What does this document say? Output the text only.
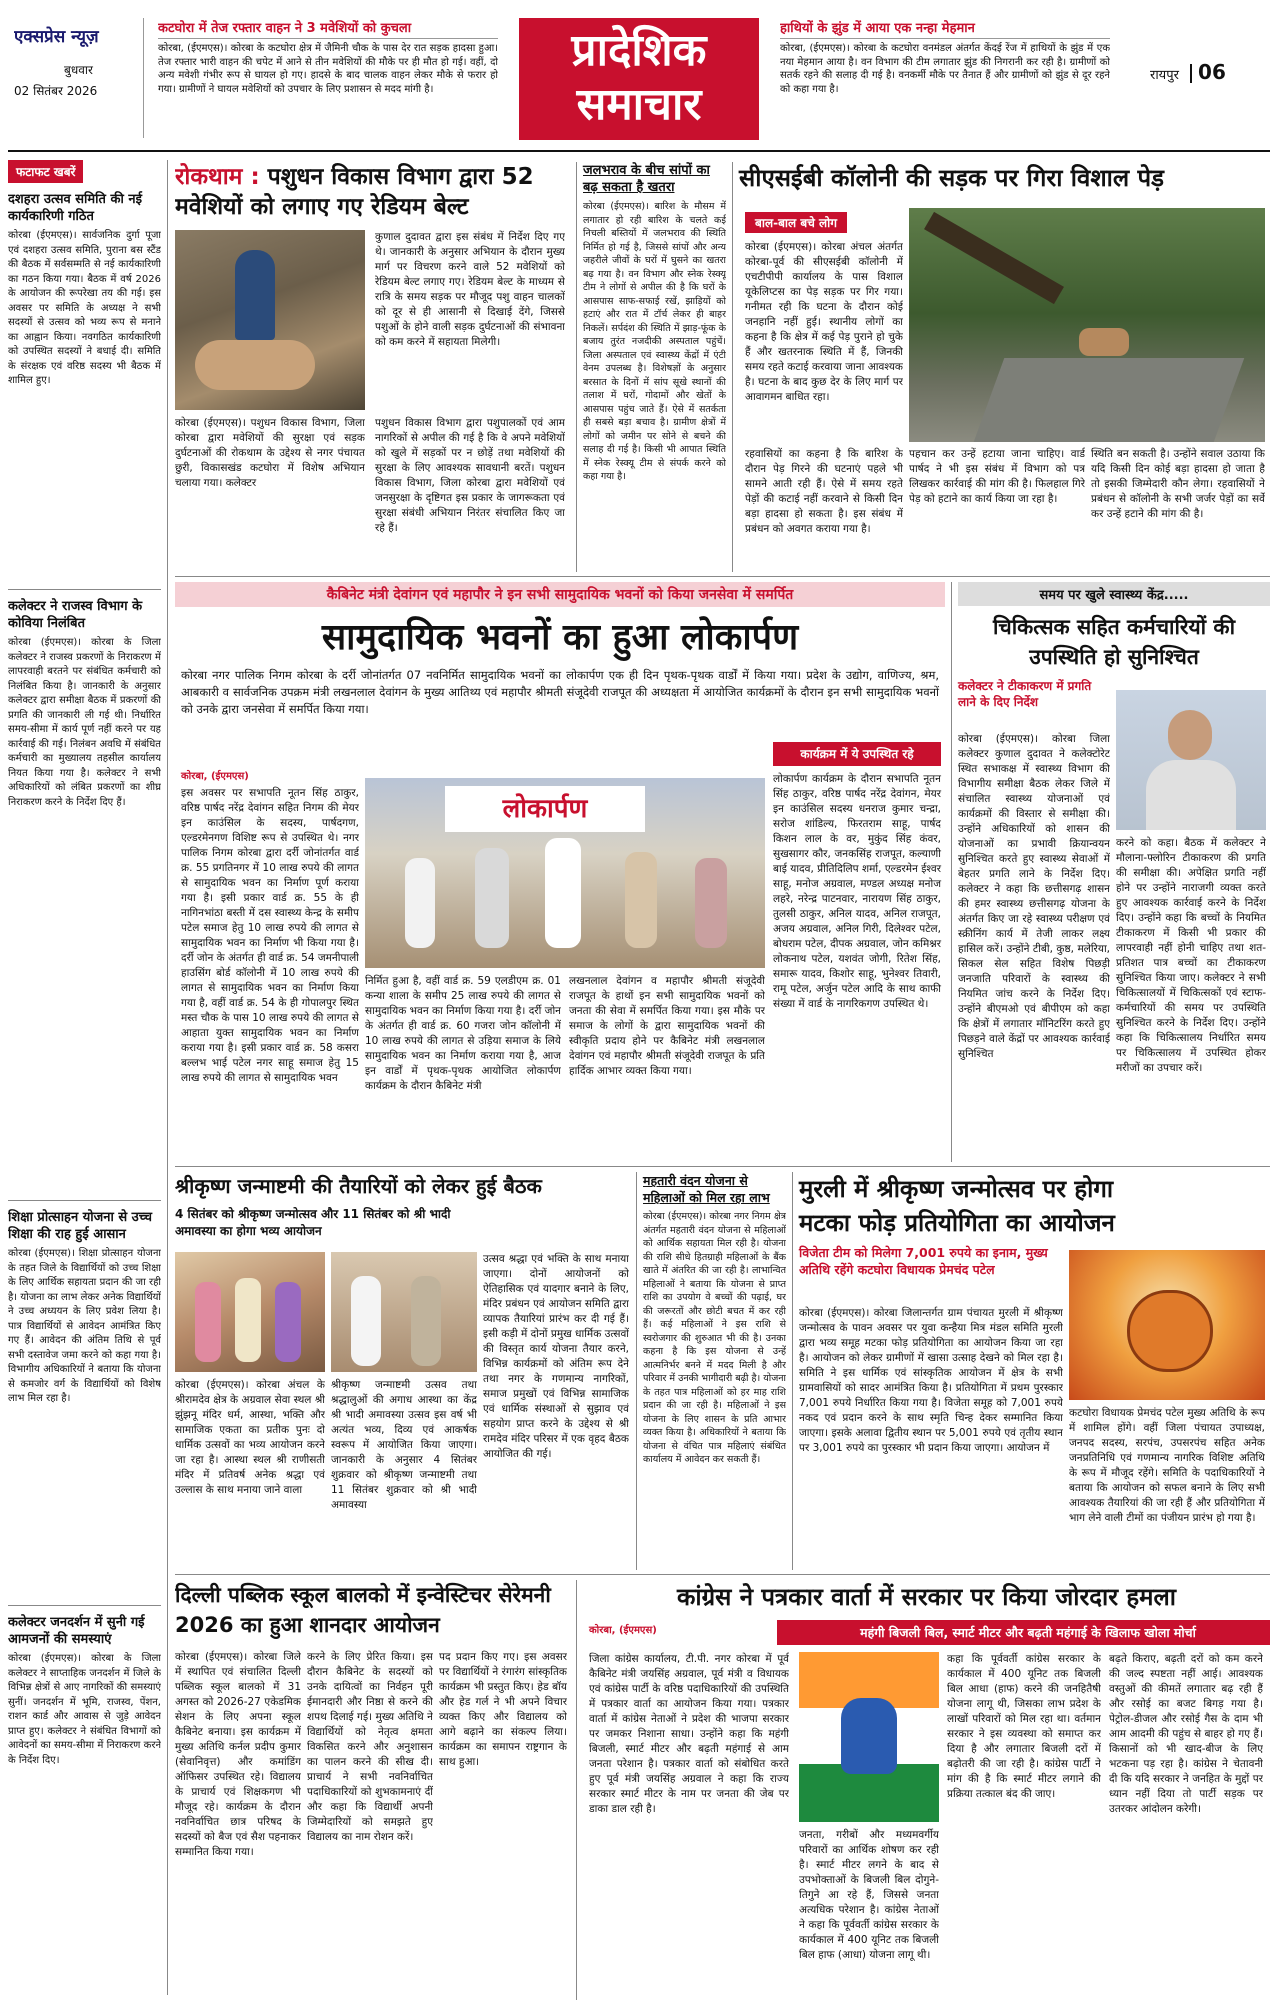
एक्सप्रेस न्यूज़
बुधवार
02 सितंबर 2026
कटघोरा में तेज रफ्तार वाहन ने 3 मवेशियों को कुचला
कोरबा, (ईएमएस)। कोरबा के कटघोरा क्षेत्र में जैमिनी चौक के पास देर रात सड़क हादसा हुआ। तेज रफ्तार भारी वाहन की चपेट में आने से तीन मवेशियों की मौके पर ही मौत हो गई। वहीं, दो अन्य मवेशी गंभीर रूप से घायल हो गए। हादसे के बाद चालक वाहन लेकर मौके से फरार हो गया। ग्रामीणों ने घायल मवेशियों को उपचार के लिए प्रशासन से मदद मांगी है।
प्रादेशिक
समाचार
हाथियों के झुंड में आया एक नन्हा मेहमान
कोरबा, (ईएमएस)। कोरबा के कटघोरा वनमंडल अंतर्गत केंदई रेंज में हाथियों के झुंड में एक नया मेहमान आया है। वन विभाग की टीम लगातार झुंड की निगरानी कर रही है। ग्रामीणों को सतर्क रहने की सलाह दी गई है। वनकर्मी मौके पर तैनात हैं और ग्रामीणों को झुंड से दूर रहने को कहा गया है।
रायपुर 06
फटाफट खबरें
दशहरा उत्सव समिति की नई कार्यकारिणी गठित
कोरबा (ईएमएस)। सार्वजनिक दुर्गा पूजा एवं दशहरा उत्सव समिति, पुराना बस स्टैंड की बैठक में सर्वसम्मति से नई कार्यकारिणी का गठन किया गया। बैठक में वर्ष 2026 के आयोजन की रूपरेखा तय की गई। इस अवसर पर समिति के अध्यक्ष ने सभी सदस्यों से उत्सव को भव्य रूप से मनाने का आह्वान किया। नवगठित कार्यकारिणी को उपस्थित सदस्यों ने बधाई दी। समिति के संरक्षक एवं वरिष्ठ सदस्य भी बैठक में शामिल हुए।
कलेक्टर ने राजस्व विभाग के कोविया निलंबित
कोरबा (ईएमएस)। कोरबा के जिला कलेक्टर ने राजस्व प्रकरणों के निराकरण में लापरवाही बरतने पर संबंधित कर्मचारी को निलंबित किया है। जानकारी के अनुसार कलेक्टर द्वारा समीक्षा बैठक में प्रकरणों की प्रगति की जानकारी ली गई थी। निर्धारित समय-सीमा में कार्य पूर्ण नहीं करने पर यह कार्रवाई की गई। निलंबन अवधि में संबंधित कर्मचारी का मुख्यालय तहसील कार्यालय नियत किया गया है। कलेक्टर ने सभी अधिकारियों को लंबित प्रकरणों का शीघ्र निराकरण करने के निर्देश दिए हैं।
शिक्षा प्रोत्साहन योजना से उच्च शिक्षा की राह हुई आसान
कोरबा (ईएमएस)। शिक्षा प्रोत्साहन योजना के तहत जिले के विद्यार्थियों को उच्च शिक्षा के लिए आर्थिक सहायता प्रदान की जा रही है। योजना का लाभ लेकर अनेक विद्यार्थियों ने उच्च अध्ययन के लिए प्रवेश लिया है। पात्र विद्यार्थियों से आवेदन आमंत्रित किए गए हैं। आवेदन की अंतिम तिथि से पूर्व सभी दस्तावेज जमा करने को कहा गया है। विभागीय अधिकारियों ने बताया कि योजना से कमजोर वर्ग के विद्यार्थियों को विशेष लाभ मिल रहा है।
कलेक्टर जनदर्शन में सुनी गई आमजनों की समस्याएं
कोरबा (ईएमएस)। कोरबा के जिला कलेक्टर ने साप्ताहिक जनदर्शन में जिले के विभिन्न क्षेत्रों से आए नागरिकों की समस्याएं सुनीं। जनदर्शन में भूमि, राजस्व, पेंशन, राशन कार्ड और आवास से जुड़े आवेदन प्राप्त हुए। कलेक्टर ने संबंधित विभागों को आवेदनों का समय-सीमा में निराकरण करने के निर्देश दिए।
रोकथाम : पशुधन विकास विभाग द्वारा 52 मवेशियों को लगाए गए रेडियम बेल्ट
कोरबा (ईएमएस)। पशुधन विकास विभाग, जिला कोरबा द्वारा मवेशियों की सुरक्षा एवं सड़क दुर्घटनाओं की रोकथाम के उद्देश्य से नगर पंचायत छुरी, विकासखंड कटघोरा में विशेष अभियान चलाया गया। कलेक्टर
कुणाल दुदावत द्वारा इस संबंध में निर्देश दिए गए थे। जानकारी के अनुसार अभियान के दौरान मुख्य मार्ग पर विचरण करने वाले 52 मवेशियों को रेडियम बेल्ट लगाए गए। रेडियम बेल्ट के माध्यम से रात्रि के समय सड़क पर मौजूद पशु वाहन चालकों को दूर से ही आसानी से दिखाई देंगे, जिससे पशुओं के होने वाली सड़क दुर्घटनाओं की संभावना को कम करने में सहायता मिलेगी।
पशुधन विकास विभाग द्वारा पशुपालकों एवं आम नागरिकों से अपील की गई है कि वे अपने मवेशियों को खुले में सड़कों पर न छोड़ें तथा मवेशियों की सुरक्षा के लिए आवश्यक सावधानी बरतें। पशुधन विकास विभाग, जिला कोरबा द्वारा मवेशियों एवं जनसुरक्षा के दृष्टिगत इस प्रकार के जागरूकता एवं सुरक्षा संबंधी अभियान निरंतर संचालित किए जा रहे हैं।
जलभराव के बीच सांपों का बढ़ सकता है खतरा
कोरबा (ईएमएस)। बारिश के मौसम में लगातार हो रही बारिश के चलते कई निचली बस्तियों में जलभराव की स्थिति निर्मित हो गई है, जिससे सांपों और अन्य जहरीले जीवों के घरों में घुसने का खतरा बढ़ गया है। वन विभाग और स्नेक रेस्क्यू टीम ने लोगों से अपील की है कि घरों के आसपास साफ-सफाई रखें, झाड़ियों को हटाएं और रात में टॉर्च लेकर ही बाहर निकलें। सर्पदंश की स्थिति में झाड़-फूंक के बजाय तुरंत नजदीकी अस्पताल पहुंचें। जिला अस्पताल एवं स्वास्थ्य केंद्रों में एंटी वेनम उपलब्ध है। विशेषज्ञों के अनुसार बरसात के दिनों में सांप सूखे स्थानों की तलाश में घरों, गोदामों और खेतों के आसपास पहुंच जाते हैं। ऐसे में सतर्कता ही सबसे बड़ा बचाव है। ग्रामीण क्षेत्रों में लोगों को जमीन पर सोने से बचने की सलाह दी गई है। किसी भी आपात स्थिति में स्नेक रेस्क्यू टीम से संपर्क करने को कहा गया है।
सीएसईबी कॉलोनी की सड़क पर गिरा विशाल पेड़
बाल-बाल बचे लोग
कोरबा (ईएमएस)। कोरबा अंचल अंतर्गत कोरबा-पूर्व की सीएसईबी कॉलोनी में एचटीपीपी कार्यालय के पास विशाल यूकेलिप्टस का पेड़ सड़क पर गिर गया। गनीमत रही कि घटना के दौरान कोई जनहानि नहीं हुई। स्थानीय लोगों का कहना है कि क्षेत्र में कई पेड़ पुराने हो चुके हैं और खतरनाक स्थिति में हैं, जिनकी समय रहते कटाई करवाया जाना आवश्यक है। घटना के बाद कुछ देर के लिए मार्ग पर आवागमन बाधित रहा।
रहवासियों का कहना है कि बारिश के दौरान पेड़ गिरने की घटनाएं पहले भी सामने आती रही हैं। ऐसे में समय रहते पेड़ों की कटाई नहीं करवाने से किसी दिन बड़ा हादसा हो सकता है। इस संबंध में प्रबंधन को अवगत कराया गया है।
पहचान कर उन्हें हटाया जाना चाहिए। वार्ड पार्षद ने भी इस संबंध में विभाग को पत्र लिखकर कार्रवाई की मांग की है। फिलहाल गिरे पेड़ को हटाने का कार्य किया जा रहा है।
स्थिति बन सकती है। उन्होंने सवाल उठाया कि यदि किसी दिन कोई बड़ा हादसा हो जाता है तो इसकी जिम्मेदारी कौन लेगा। रहवासियों ने प्रबंधन से कॉलोनी के सभी जर्जर पेड़ों का सर्वे कर उन्हें हटाने की मांग की है।
कैबिनेट मंत्री देवांगन एवं महापौर ने इन सभी सामुदायिक भवनों को किया जनसेवा में समर्पित
सामुदायिक भवनों का हुआ लोकार्पण
कोरबा नगर पालिक निगम कोरबा के दर्री जोनांतर्गत 07 नवनिर्मित सामुदायिक भवनों का लोकार्पण एक ही दिन पृथक-पृथक वार्डों में किया गया। प्रदेश के उद्योग, वाणिज्य, श्रम, आबकारी व सार्वजनिक उपक्रम मंत्री लखनलाल देवांगन के मुख्य आतिथ्य एवं महापौर श्रीमती संजूदेवी राजपूत की अध्यक्षता में आयोजित कार्यक्रमों के दौरान इन सभी सामुदायिक भवनों को उनके द्वारा जनसेवा में समर्पित किया गया।
कोरबा, (ईएमएस)
लोकार्पण
इस अवसर पर सभापति नूतन सिंह ठाकुर, वरिष्ठ पार्षद नरेंद्र देवांगन सहित निगम की मेयर इन काउंसिल के सदस्य, पार्षदगण, एल्डरमेनगण विशिष्ट रूप से उपस्थित थे। नगर पालिक निगम कोरबा द्वारा दर्री जोनांतर्गत वार्ड क्र. 55 प्रगतिनगर में 10 लाख रुपये की लागत से सामुदायिक भवन का निर्माण पूर्ण कराया गया है। इसी प्रकार वार्ड क्र. 55 के ही नागिनभांठा बस्ती में दस स्वास्थ्य केन्द्र के समीप पटेल समाज हेतु 10 लाख रुपये की लागत से सामुदायिक भवन का निर्माण भी किया गया है। दर्री जोन के अंतर्गत ही वार्ड क्र. 54 जमनीपाली हाउसिंग बोर्ड कॉलोनी में 10 लाख रुपये की लागत से सामुदायिक भवन का निर्माण किया गया है, वहीं वार्ड क्र. 54 के ही गोपालपुर स्थित मस्त चौक के पास 10 लाख रुपये की लागत से आहाता युक्त सामुदायिक भवन का निर्माण कराया गया है। इसी प्रकार वार्ड क्र. 58 कसरा बल्लभ भाई पटेल नगर साहू समाज हेतु 15 लाख रुपये की लागत से सामुदायिक भवन
निर्मित हुआ है, वहीं वार्ड क्र. 59 एलडीएम क्र. 01 कन्या शाला के समीप 25 लाख रुपये की लागत से सामुदायिक भवन का निर्माण किया गया है। दर्री जोन के अंतर्गत ही वार्ड क्र. 60 गजरा जोन कॉलोनी में 10 लाख रुपये की लागत से उड़िया समाज के लिये सामुदायिक भवन का निर्माण कराया गया है, आज इन वार्डों में पृथक-पृथक आयोजित लोकार्पण कार्यक्रम के दौरान कैबिनेट मंत्री
लखनलाल देवांगन व महापौर श्रीमती संजूदेवी राजपूत के हाथों इन सभी सामुदायिक भवनों को जनता की सेवा में समर्पित किया गया। इस मौके पर समाज के लोगों के द्वारा सामुदायिक भवनों की स्वीकृति प्रदाय होने पर कैबिनेट मंत्री लखनलाल देवांगन एवं महापौर श्रीमती संजूदेवी राजपूत के प्रति हार्दिक आभार व्यक्त किया गया।
कार्यक्रम में ये उपस्थित रहे
लोकार्पण कार्यक्रम के दौरान सभापति नूतन सिंह ठाकुर, वरिष्ठ पार्षद नरेंद्र देवांगन, मेयर इन काउंसिल सदस्य धनराज कुमार चन्द्रा, सरोज शांडिल्य, फिरतराम साहू, पार्षद किशन लाल के वर, मुकुंद सिंह कंवर, सुखसागर कौर, जनकसिंह राजपूत, कल्याणी बाई यादव, प्रीतिदिलिप शर्मा, एल्डरमेन ईश्वर साहू, मनोज अग्रवाल, मण्डल अध्यक्ष मनोज लहरे, नरेन्द्र पाटनवार, नारायण सिंह ठाकुर, तुलसी ठाकुर, अनिल यादव, अनिल राजपूत, अजय अग्रवाल, अनिल गिरी, दिलेश्वर पटेल, बोधराम पटेल, दीपक अग्रवाल, जोन कमिश्नर लोकनाथ पटेल, यशवंत जोगी, रितेश सिंह, समारू यादव, किशोर साहू, भुनेश्वर तिवारी, रामू पटेल, अर्जुन पटेल आदि के साथ काफी संख्या में वार्ड के नागरिकगण उपस्थित थे।
समय पर खुले स्वास्थ्य केंद्र.....
चिकित्सक सहित कर्मचारियों की उपस्थिति हो सुनिश्चित
कलेक्टर ने टीकाकरण में प्रगति लाने के दिए निर्देश
कोरबा (ईएमएस)। कोरबा जिला कलेक्टर कुणाल दुदावत ने कलेक्टोरेट स्थित सभाकक्ष में स्वास्थ्य विभाग की विभागीय समीक्षा बैठक लेकर जिले में संचालित स्वास्थ्य योजनाओं एवं कार्यक्रमों की विस्तार से समीक्षा की। उन्होंने अधिकारियों को शासन की योजनाओं का प्रभावी क्रियान्वयन सुनिश्चित करते हुए स्वास्थ्य सेवाओं में बेहतर प्रगति लाने के निर्देश दिए। कलेक्टर ने कहा कि छत्तीसगढ़ शासन की हमर स्वास्थ्य छत्तीसगढ़ योजना के अंतर्गत किए जा रहे स्वास्थ्य परीक्षण एवं स्क्रीनिंग कार्य में तेजी लाकर लक्ष्य हासिल करें। उन्होंने टीबी, कुष्ठ, मलेरिया, सिकल सेल सहित विशेष पिछड़ी जनजाति परिवारों के स्वास्थ्य की नियमित जांच करने के निर्देश दिए। उन्होंने बीएमओ एवं बीपीएम को कहा कि क्षेत्रों में लगातार मॉनिटरिंग करते हुए पिछड़ने वाले केंद्रों पर आवश्यक कार्रवाई सुनिश्चित
करने को कहा। बैठक में कलेक्टर ने मौलाना-फ्लोरिन टीकाकरण की प्रगति की समीक्षा की। अपेक्षित प्रगति नहीं होने पर उन्होंने नाराजगी व्यक्त करते हुए आवश्यक कार्रवाई करने के निर्देश दिए। उन्होंने कहा कि बच्चों के नियमित टीकाकरण में किसी भी प्रकार की लापरवाही नहीं होनी चाहिए तथा शत-प्रतिशत पात्र बच्चों का टीकाकरण सुनिश्चित किया जाए। कलेक्टर ने सभी चिकित्सालयों में चिकित्सकों एवं स्टाफ-कर्मचारियों की समय पर उपस्थिति सुनिश्चित करने के निर्देश दिए। उन्होंने कहा कि चिकित्सालय निर्धारित समय पर चिकित्सालय में उपस्थित होकर मरीजों का उपचार करें।
श्रीकृष्ण जन्माष्टमी की तैयारियों को लेकर हुई बैठक
4 सितंबर को श्रीकृष्ण जन्मोत्सव और 11 सितंबर को श्री भादी अमावस्या का होगा भव्य आयोजन
कोरबा (ईएमएस)। कोरबा अंचल के श्रीरामदेव क्षेत्र के अग्रवाल सेवा स्थल श्री झुंझनू मंदिर धर्म, आस्था, भक्ति और सामाजिक एकता का प्रतीक पुनः दो धार्मिक उत्सवों का भव्य आयोजन करने जा रहा है। आस्था स्थल श्री राणीसती मंदिर में प्रतिवर्ष अनेक श्रद्धा एवं उल्लास के साथ मनाया जाने वाला
श्रीकृष्ण जन्माष्टमी उत्सव तथा श्रद्धालुओं की अगाध आस्था का केंद्र श्री भादी अमावस्या उत्सव इस वर्ष भी अत्यंत भव्य, दिव्य एवं आकर्षक स्वरूप में आयोजित किया जाएगा। जानकारी के अनुसार 4 सितंबर शुक्रवार को श्रीकृष्ण जन्माष्टमी तथा 11 सितंबर शुक्रवार को श्री भादी अमावस्या
उत्सव श्रद्धा एवं भक्ति के साथ मनाया जाएगा। दोनों आयोजनों को ऐतिहासिक एवं यादगार बनाने के लिए, मंदिर प्रबंधन एवं आयोजन समिति द्वारा व्यापक तैयारियां प्रारंभ कर दी गई हैं। इसी कड़ी में दोनों प्रमुख धार्मिक उत्सवों की विस्तृत कार्य योजना तैयार करने, विभिन्न कार्यक्रमों को अंतिम रूप देने तथा नगर के गणमान्य नागरिकों, समाज प्रमुखों एवं विभिन्न सामाजिक एवं धार्मिक संस्थाओं से सुझाव एवं सहयोग प्राप्त करने के उद्देश्य से श्री रामदेव मंदिर परिसर में एक वृहद बैठक आयोजित की गई।
महतारी वंदन योजना से महिलाओं को मिल रहा लाभ
कोरबा (ईएमएस)। कोरबा नगर निगम क्षेत्र अंतर्गत महतारी वंदन योजना से महिलाओं को आर्थिक सहायता मिल रही है। योजना की राशि सीधे हितग्राही महिलाओं के बैंक खाते में अंतरित की जा रही है। लाभान्वित महिलाओं ने बताया कि योजना से प्राप्त राशि का उपयोग वे बच्चों की पढ़ाई, घर की जरूरतों और छोटी बचत में कर रही हैं। कई महिलाओं ने इस राशि से स्वरोजगार की शुरुआत भी की है। उनका कहना है कि इस योजना से उन्हें आत्मनिर्भर बनने में मदद मिली है और परिवार में उनकी भागीदारी बढ़ी है। योजना के तहत पात्र महिलाओं को हर माह राशि प्रदान की जा रही है। महिलाओं ने इस योजना के लिए शासन के प्रति आभार व्यक्त किया है। अधिकारियों ने बताया कि योजना से वंचित पात्र महिलाएं संबंधित कार्यालय में आवेदन कर सकती हैं।
मुरली में श्रीकृष्ण जन्मोत्सव पर होगा
मटका फोड़ प्रतियोगिता का आयोजन
विजेता टीम को मिलेगा 7,001 रुपये का इनाम, मुख्य अतिथि रहेंगे कटघोरा विधायक प्रेमचंद पटेल
कोरबा (ईएमएस)। कोरबा जिलान्तर्गत ग्राम पंचायत मुरली में श्रीकृष्ण जन्मोत्सव के पावन अवसर पर युवा कन्हैया मित्र मंडल समिति मुरली द्वारा भव्य समूह मटका फोड़ प्रतियोगिता का आयोजन किया जा रहा है। आयोजन को लेकर ग्रामीणों में खासा उत्साह देखने को मिल रहा है। समिति ने इस धार्मिक एवं सांस्कृतिक आयोजन में क्षेत्र के सभी ग्रामवासियों को सादर आमंत्रित किया है। प्रतियोगिता में प्रथम पुरस्कार 7,001 रुपये निर्धारित किया गया है। विजेता समूह को 7,001 रुपये नकद एवं प्रदान करने के साथ स्मृति चिन्ह देकर सम्मानित किया जाएगा। इसके अलावा द्वितीय स्थान पर 5,001 रुपये एवं तृतीय स्थान पर 3,001 रुपये का पुरस्कार भी प्रदान किया जाएगा। आयोजन में
कटघोरा विधायक प्रेमचंद पटेल मुख्य अतिथि के रूप में शामिल होंगे। वहीं जिला पंचायत उपाध्यक्ष, जनपद सदस्य, सरपंच, उपसरपंच सहित अनेक जनप्रतिनिधि एवं गणमान्य नागरिक विशिष्ट अतिथि के रूप में मौजूद रहेंगे। समिति के पदाधिकारियों ने बताया कि आयोजन को सफल बनाने के लिए सभी आवश्यक तैयारियां की जा रही हैं और प्रतियोगिता में भाग लेने वाली टीमों का पंजीयन प्रारंभ हो गया है।
दिल्ली पब्लिक स्कूल बालको में इन्वेस्टिचर सेरेमनी 2026 का हुआ शानदार आयोजन
कोरबा (ईएमएस)। कोरबा जिले में स्थापित एवं संचालित दिल्ली पब्लिक स्कूल बालको में 31 अगस्त को 2026-27 एकेडमिक सेशन के लिए अपना स्कूल कैबिनेट बनाया। इस कार्यक्रम में मुख्य अतिथि कर्नल प्रदीप कुमार (सेवानिवृत्त) और कमांडिंग ऑफिसर उपस्थित रहे। विद्यालय के प्राचार्य एवं शिक्षकगण भी मौजूद रहे। कार्यक्रम के दौरान नवनिर्वाचित छात्र परिषद के सदस्यों को बैज एवं सैश पहनाकर सम्मानित किया गया।
करने के लिए प्रेरित किया। इस दौरान कैबिनेट के सदस्यों को उनके दायित्वों का निर्वहन पूरी ईमानदारी और निष्ठा से करने की शपथ दिलाई गई। मुख्य अतिथि ने विद्यार्थियों को नेतृत्व क्षमता विकसित करने और अनुशासन का पालन करने की सीख दी। प्राचार्य ने सभी नवनिर्वाचित पदाधिकारियों को शुभकामनाएं दीं और कहा कि विद्यार्थी अपनी जिम्मेदारियों को समझते हुए विद्यालय का नाम रोशन करें।
पद प्रदान किए गए। इस अवसर पर विद्यार्थियों ने रंगारंग सांस्कृतिक कार्यक्रम भी प्रस्तुत किए। हेड बॉय और हेड गर्ल ने भी अपने विचार व्यक्त किए और विद्यालय को आगे बढ़ाने का संकल्प लिया। कार्यक्रम का समापन राष्ट्रगान के साथ हुआ।
कांग्रेस ने पत्रकार वार्ता में सरकार पर किया जोरदार हमला
कोरबा, (ईएमएस)	महंगी बिजली बिल, स्मार्ट मीटर और बढ़ती महंगाई के खिलाफ खोला मोर्चा
जिला कांग्रेस कार्यालय, टी.पी. नगर कोरबा में पूर्व कैबिनेट मंत्री जयसिंह अग्रवाल, पूर्व मंत्री व विधायक एवं कांग्रेस पार्टी के वरिष्ठ पदाधिकारियों की उपस्थिति में पत्रकार वार्ता का आयोजन किया गया। पत्रकार वार्ता में कांग्रेस नेताओं ने प्रदेश की भाजपा सरकार पर जमकर निशाना साधा। उन्होंने कहा कि महंगी बिजली, स्मार्ट मीटर और बढ़ती महंगाई से आम जनता परेशान है। पत्रकार वार्ता को संबोधित करते हुए पूर्व मंत्री जयसिंह अग्रवाल ने कहा कि राज्य सरकार स्मार्ट मीटर के नाम पर जनता की जेब पर डाका डाल रही है।
जनता, गरीबों और मध्यमवर्गीय परिवारों का आर्थिक शोषण कर रही है। स्मार्ट मीटर लगने के बाद से उपभोक्ताओं के बिजली बिल दोगुने-तिगुने आ रहे हैं, जिससे जनता अत्यधिक परेशान है। कांग्रेस नेताओं ने कहा कि पूर्ववर्ती कांग्रेस सरकार के कार्यकाल में 400 यूनिट तक बिजली बिल हाफ (आधा) योजना लागू थी।
कहा कि पूर्ववर्ती कांग्रेस सरकार के कार्यकाल में 400 यूनिट तक बिजली बिल आधा (हाफ) करने की जनहितैषी योजना लागू थी, जिसका लाभ प्रदेश के लाखों परिवारों को मिल रहा था। वर्तमान सरकार ने इस व्यवस्था को समाप्त कर दिया है और लगातार बिजली दरों में बढ़ोतरी की जा रही है। कांग्रेस पार्टी ने मांग की है कि स्मार्ट मीटर लगाने की प्रक्रिया तत्काल बंद की जाए।
बढ़ते किराए, बढ़ती दरों को कम करने की जल्द स्पष्टता नहीं आई। आवश्यक वस्तुओं की कीमतें लगातार बढ़ रही हैं और रसोई का बजट बिगड़ गया है। पेट्रोल-डीजल और रसोई गैस के दाम भी आम आदमी की पहुंच से बाहर हो गए हैं। किसानों को भी खाद-बीज के लिए भटकना पड़ रहा है। कांग्रेस ने चेतावनी दी कि यदि सरकार ने जनहित के मुद्दों पर ध्यान नहीं दिया तो पार्टी सड़क पर उतरकर आंदोलन करेगी।
